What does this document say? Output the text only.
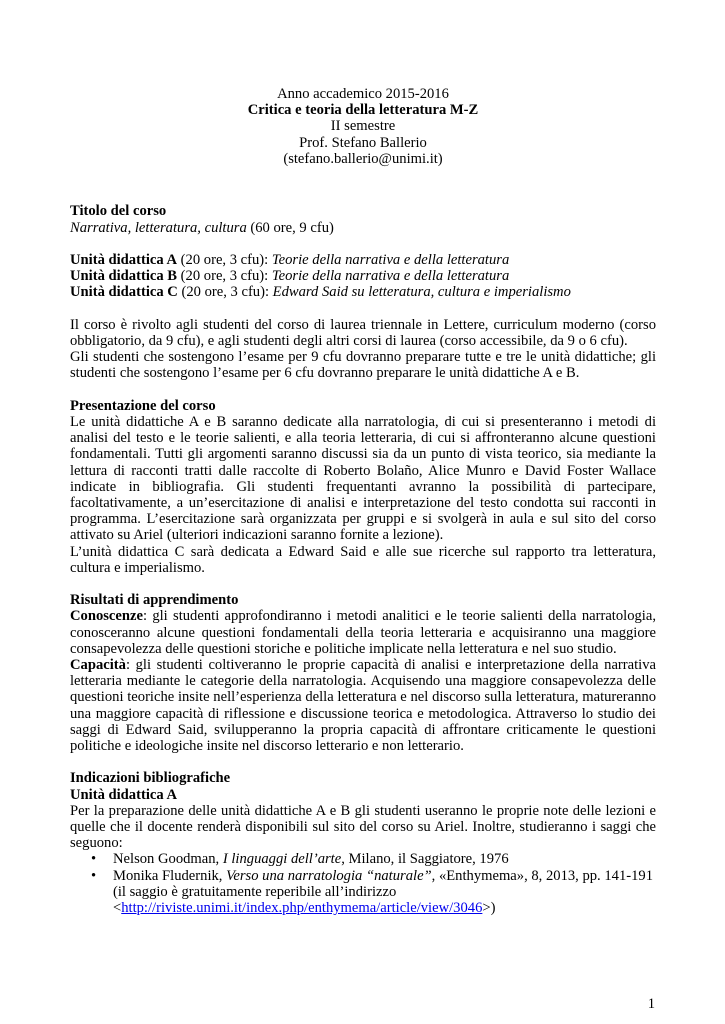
Anno accademico 2015-2016
Critica e teoria della letteratura M-Z
II semestre
Prof. Stefano Ballerio
(stefano.ballerio@unimi.it)
Titolo del corso
Narrativa, letteratura, cultura (60 ore, 9 cfu)
Unità didattica A (20 ore, 3 cfu): Teorie della narrativa e della letteratura
Unità didattica B (20 ore, 3 cfu): Teorie della narrativa e della letteratura
Unità didattica C (20 ore, 3 cfu): Edward Said su letteratura, cultura e imperialismo

Il corso è rivolto agli studenti del corso di laurea triennale in Lettere, curriculum moderno (corso obbligatorio, da 9 cfu), e agli studenti degli altri corsi di laurea (corso accessibile, da 9 o 6 cfu).

Gli studenti che sostengono l’esame per 9 cfu dovranno preparare tutte e tre le unità didattiche; gli studenti che sostengono l’esame per 6 cfu dovranno preparare le unità didattiche A e B.

Presentazione del corso

Le unità didattiche A e B saranno dedicate alla narratologia, di cui si presenteranno i metodi di analisi del testo e le teorie salienti, e alla teoria letteraria, di cui si affronteranno alcune questioni fondamentali. Tutti gli argomenti saranno discussi sia da un punto di vista teorico, sia mediante la lettura di racconti tratti dalle raccolte di Roberto Bolaño, Alice Munro e David Foster Wallace indicate in bibliografia. Gli studenti frequentanti avranno la possibilità di partecipare, facoltativamente, a un’esercitazione di analisi e interpretazione del testo condotta sui racconti in programma. L’esercitazione sarà organizzata per gruppi e si svolgerà in aula e sul sito del corso attivato su Ariel (ulteriori indicazioni saranno fornite a lezione).

L’unità didattica C sarà dedicata a Edward Said e alle sue ricerche sul rapporto tra letteratura, cultura e imperialismo.

Risultati di apprendimento

Conoscenze: gli studenti approfondiranno i metodi analitici e le teorie salienti della narratologia, conosceranno alcune questioni fondamentali della teoria letteraria e acquisiranno una maggiore consapevolezza delle questioni storiche e politiche implicate nella letteratura e nel suo studio.

Capacità: gli studenti coltiveranno le proprie capacità di analisi e interpretazione della narrativa letteraria mediante le categorie della narratologia. Acquisendo una maggiore consapevolezza delle questioni teoriche insite nell’esperienza della letteratura e nel discorso sulla letteratura, matureranno una maggiore capacità di riflessione e discussione teorica e metodologica. Attraverso lo studio dei saggi di Edward Said, svilupperanno la propria capacità di affrontare criticamente le questioni politiche e ideologiche insite nel discorso letterario e non letterario.

Indicazioni bibliografiche
Unità didattica A

Per la preparazione delle unità didattiche A e B gli studenti useranno le proprie note delle lezioni e quelle che il docente renderà disponibili sul sito del corso su Ariel. Inoltre, studieranno i saggi che seguono:

• Nelson Goodman, I linguaggi dell’arte, Milano, il Saggiatore, 1976
• Monika Fludernik, Verso una narratologia “naturale”, «Enthymema», 8, 2013, pp. 141-191 (il saggio è gratuitamente reperibile all’indirizzo
<http://riviste.unimi.it/index.php/enthymema/article/view/3046>)
1
